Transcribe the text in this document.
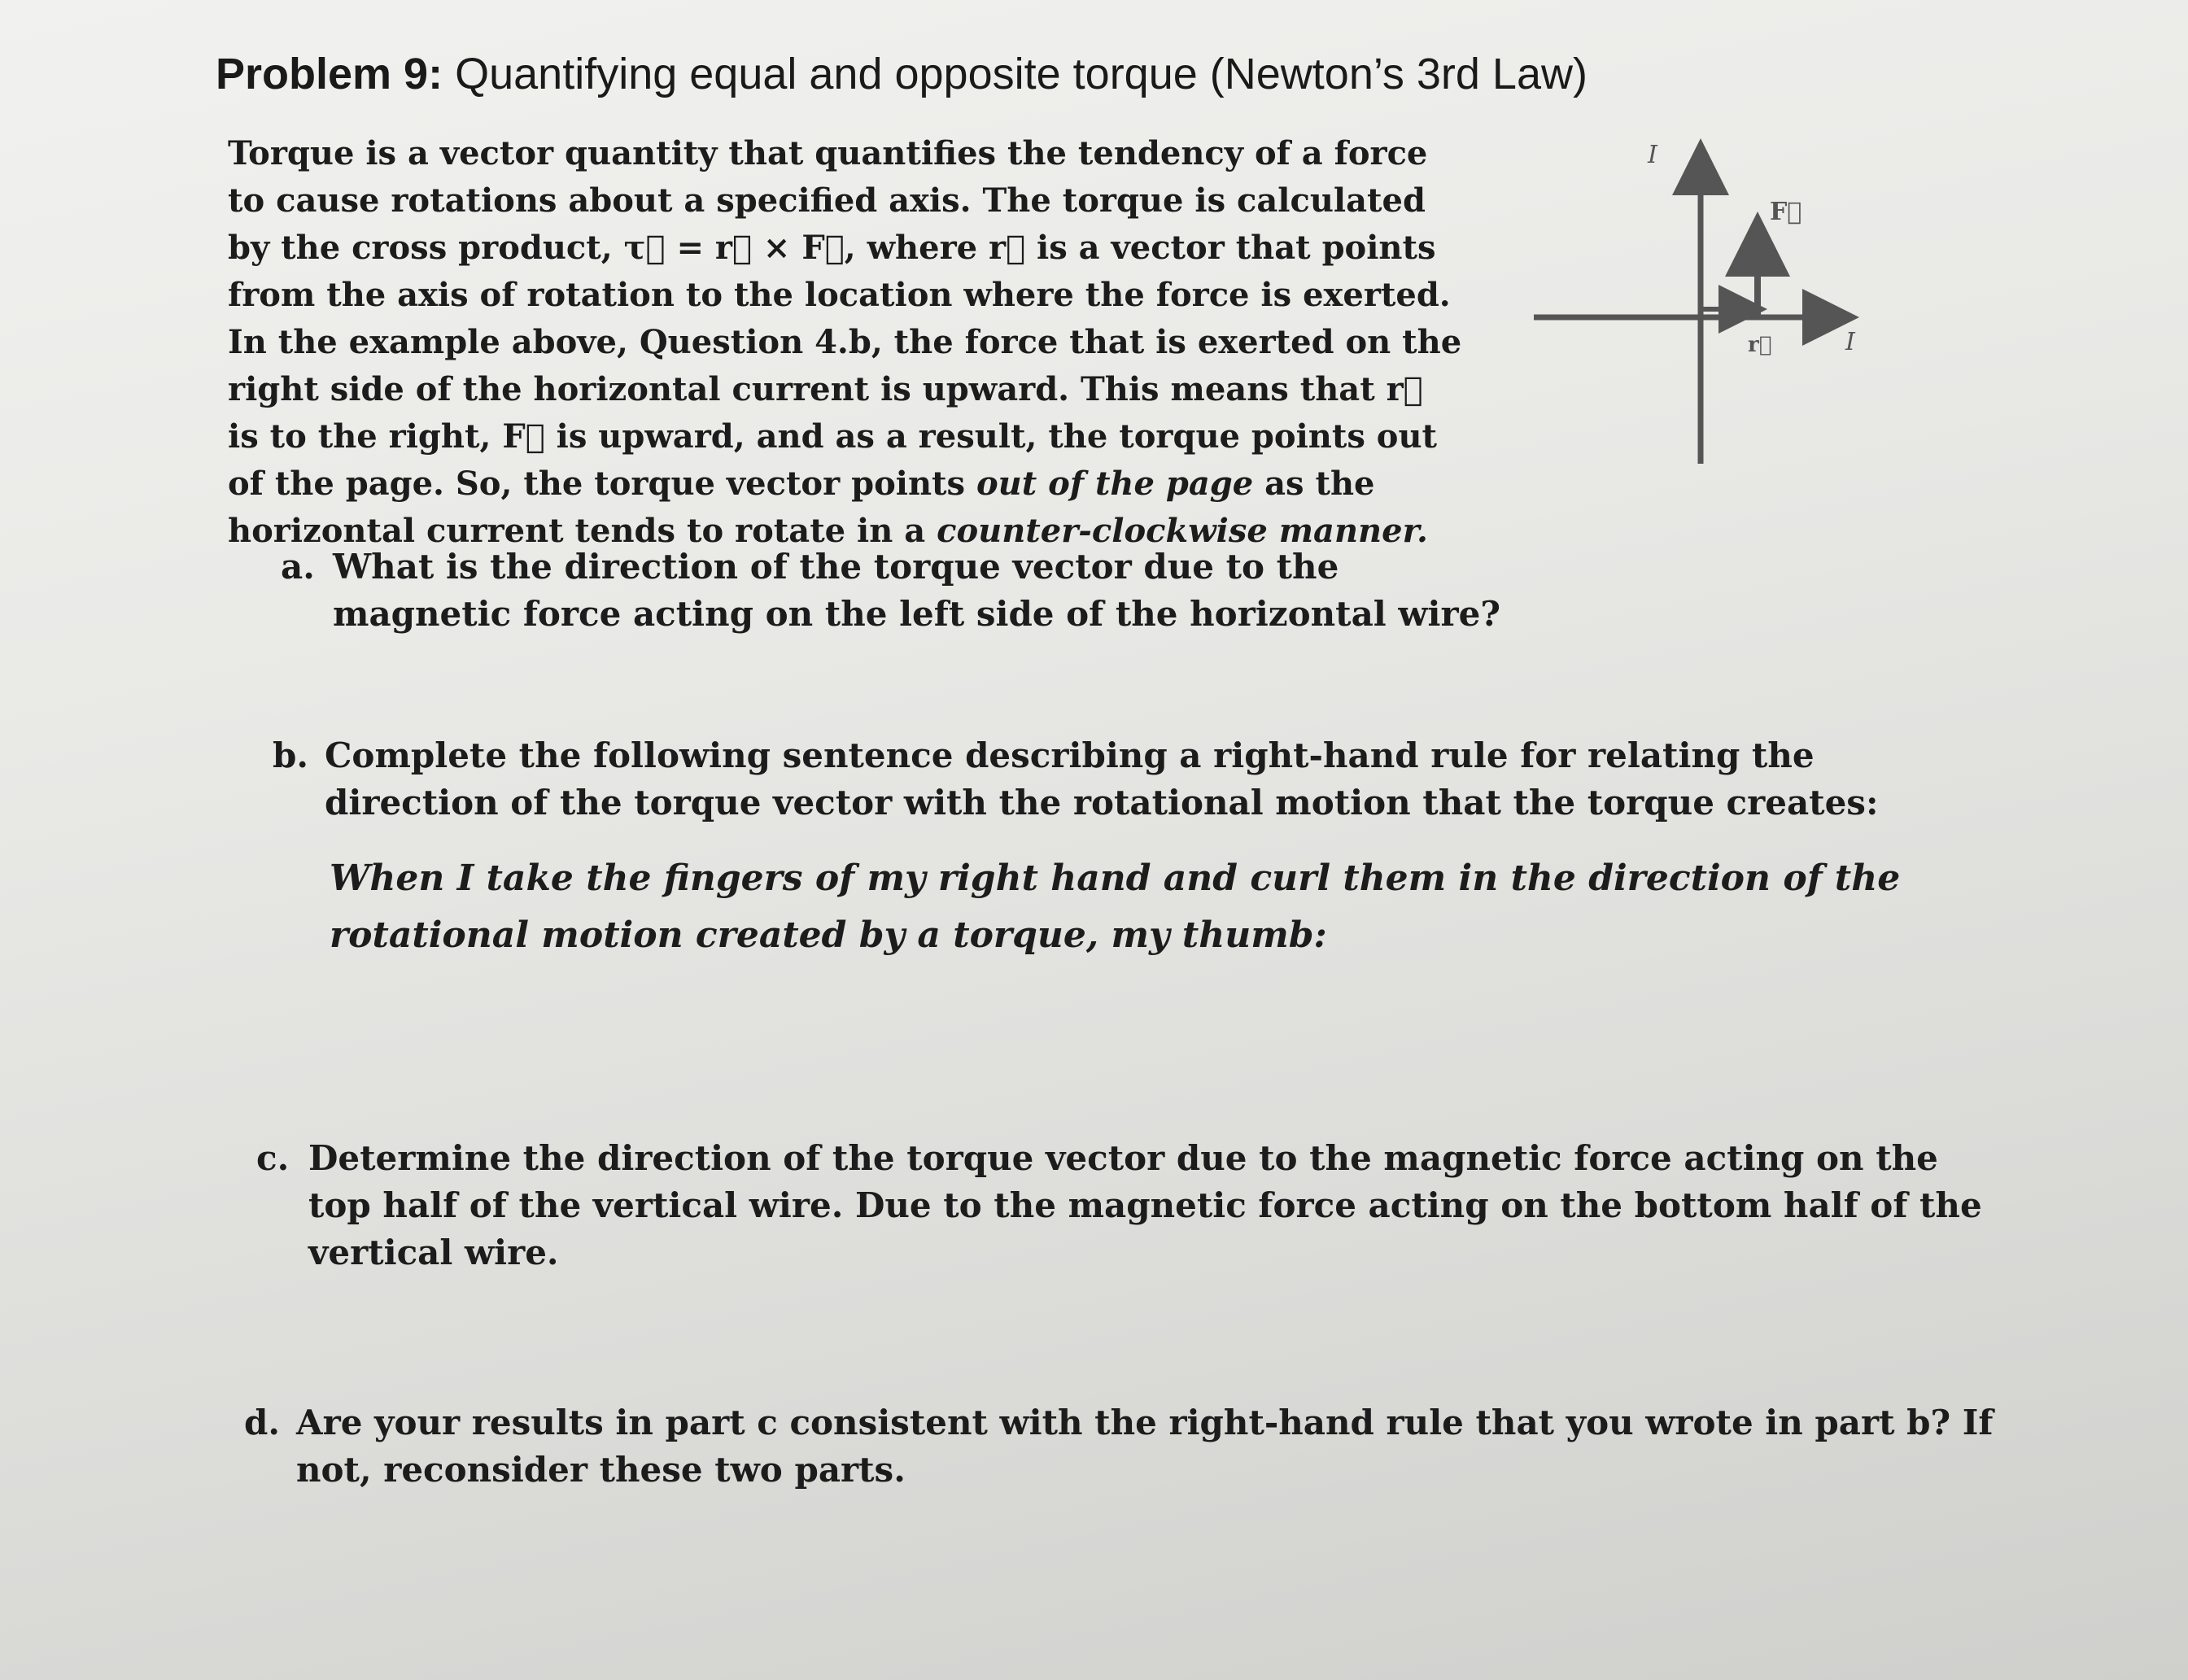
Problem 9: Quantifying equal and opposite torque (Newton’s 3rd Law)

Torque is a vector quantity that quantifies the tendency of a force to cause rotations about a specified axis. The torque is calculated by the cross product, τ⃗ = r⃗ × F⃗, where r⃗ is a vector that points from the axis of rotation to the location where the force is exerted. In the example above, Question 4.b, the force that is exerted on the right side of the horizontal current is upward. This means that r⃗ is to the right, F⃗ is upward, and as a result, the torque points out of the page. So, the torque vector points out of the page as the horizontal current tends to rotate in a counter-clockwise manner.

I
F⃗
r⃗	I
a. What is the direction of the torque vector due to the magnetic force acting on the left side of the horizontal wire?
b. Complete the following sentence describing a right-hand rule for relating the direction of the torque vector with the rotational motion that the torque creates:
When I take the fingers of my right hand and curl them in the direction of the rotational motion created by a torque, my thumb:
c. Determine the direction of the torque vector due to the magnetic force acting on the top half of the vertical wire. Due to the magnetic force acting on the bottom half of the vertical wire.
d. Are your results in part c consistent with the right-hand rule that you wrote in part b? If not, reconsider these two parts.
